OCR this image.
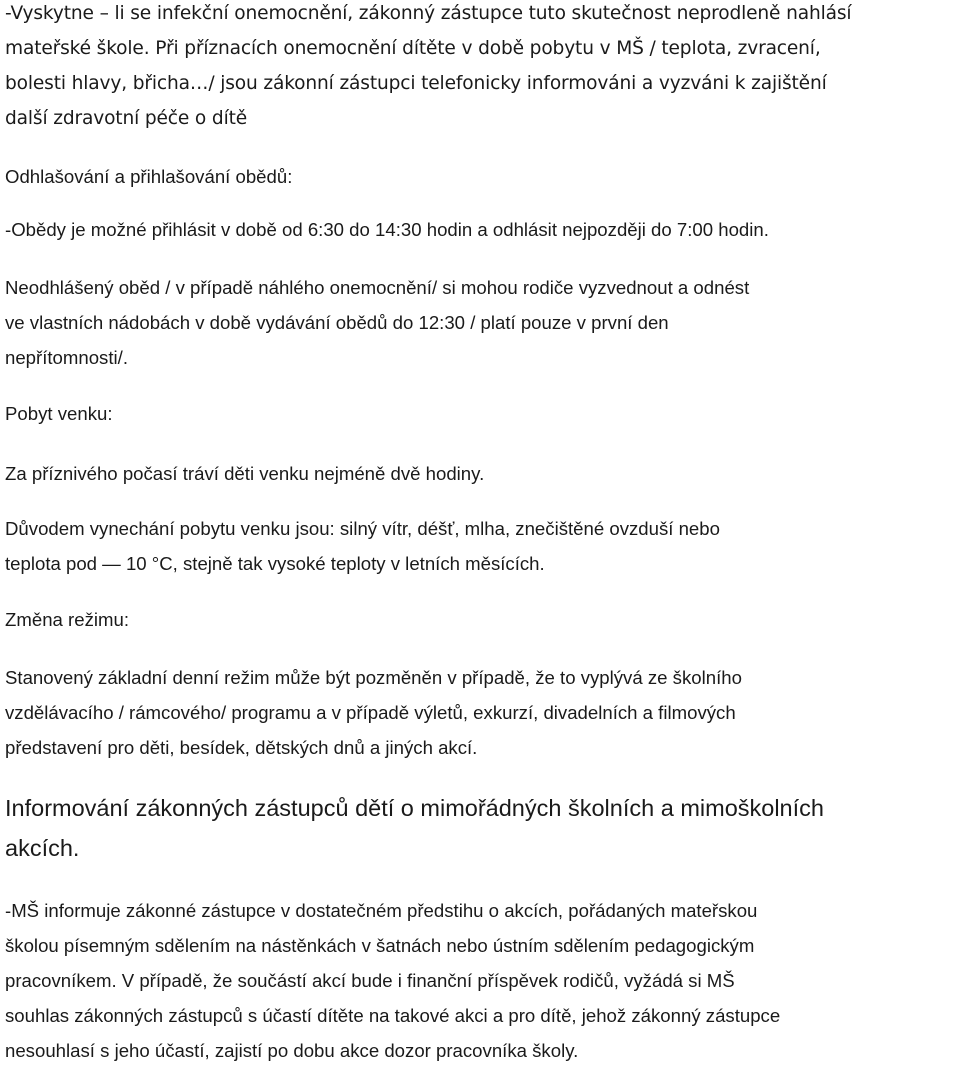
-Vyskytne – li se infekční onemocnění, zákonný zástupce tuto skutečnost neprodleně nahlásí

mateřské škole. Při příznacích onemocnění dítěte v době pobytu v MŠ / teplota, zvracení,

bolesti hlavy, břicha…/ jsou zákonní zástupci telefonicky informováni a vyzváni k zajištění

další zdravotní péče o dítě

Odhlašování a přihlašování obědů:

-Obědy je možné přihlásit v době od 6:30 do 14:30 hodin a odhlásit nejpozději do 7:00 hodin.

Neodhlášený oběd / v případě náhlého onemocnění/ si mohou rodiče vyzvednout a odnést

ve vlastních nádobách v době vydávání obědů do 12:30 / platí pouze v první den

nepřítomnosti/.

Pobyt venku:

Za příznivého počasí tráví děti venku nejméně dvě hodiny.

Důvodem vynechání pobytu venku jsou: silný vítr, déšť, mlha, znečištěné ovzduší nebo

teplota pod — 10 °C, stejně tak vysoké teploty v letních měsících.

Změna režimu:

Stanovený základní denní režim může být pozměněn v případě, že to vyplývá ze školního

vzdělávacího / rámcového/ programu a v případě výletů, exkurzí, divadelních a filmových

představení pro děti, besídek, dětských dnů a jiných akcí.

Informování zákonných zástupců dětí o mimořádných školních a mimoškolních

akcích.

-MŠ informuje zákonné zástupce v dostatečném předstihu o akcích, pořádaných mateřskou

školou písemným sdělením na nástěnkách v šatnách nebo ústním sdělením pedagogickým

pracovníkem. V případě, že součástí akcí bude i finanční příspěvek rodičů, vyžádá si MŠ

souhlas zákonných zástupců s účastí dítěte na takové akci a pro dítě, jehož zákonný zástupce

nesouhlasí s jeho účastí, zajistí po dobu akce dozor pracovníka školy.
